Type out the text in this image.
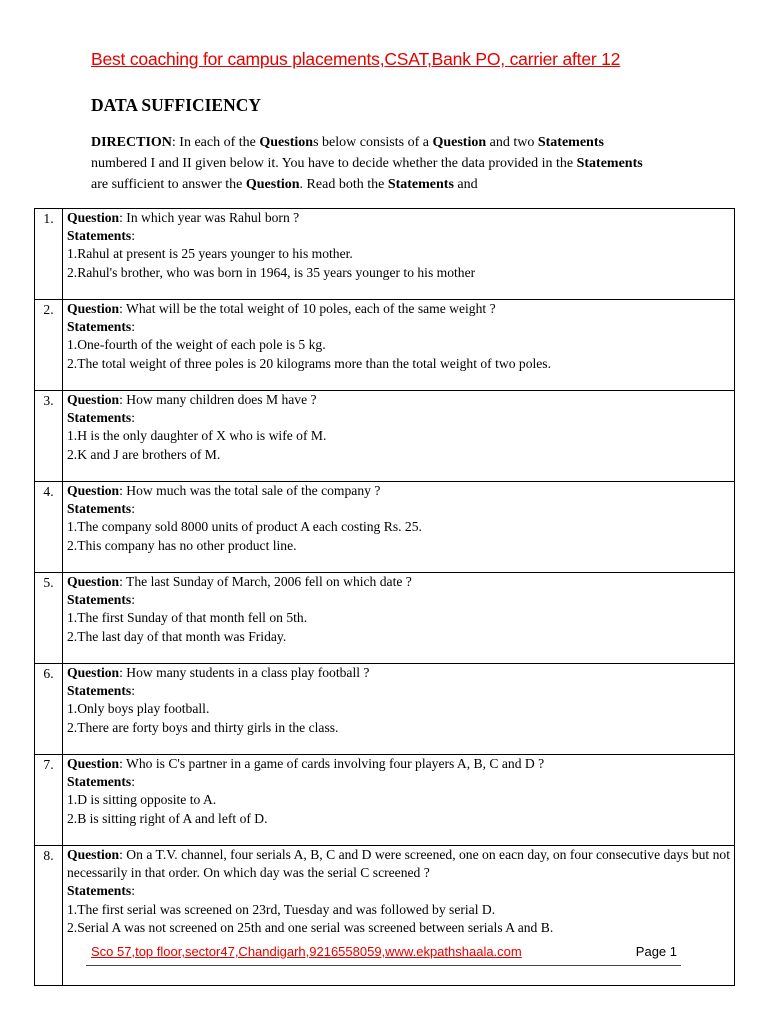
Best coaching for campus placements,CSAT,Bank PO, carrier after 12
DATA SUFFICIENCY

DIRECTION: In each of the Questions below consists of a Question and two Statements numbered I and II given below it. You have to decide whether the data provided in the Statements are sufficient to answer the Question. Read both the Statements and

1.	Question: In which year was Rahul born ?
Statements:
1.Rahul at present is 25 years younger to his mother.
2.Rahul's brother, who was born in 1964, is 35 years younger to his mother

2.	Question: What will be the total weight of 10 poles, each of the same weight ?
Statements:
1.One-fourth of the weight of each pole is 5 kg.
2.The total weight of three poles is 20 kilograms more than the total weight of two poles.

3.	Question: How many children does M have ?
Statements:
1.H is the only daughter of X who is wife of M.
2.K and J are brothers of M.

4.	Question: How much was the total sale of the company ?
Statements:
1.The company sold 8000 units of product A each costing Rs. 25.
2.This company has no other product line.

5.	Question: The last Sunday of March, 2006 fell on which date ?
Statements:
1.The first Sunday of that month fell on 5th.
2.The last day of that month was Friday.

6.	Question: How many students in a class play football ?
Statements:
1.Only boys play football.
2.There are forty boys and thirty girls in the class.

7.	Question: Who is C's partner in a game of cards involving four players A, B, C and D ?
Statements:
1.D is sitting opposite to A.
2.B is sitting right of A and left of D.

8.	Question: On a T.V. channel, four serials A, B, C and D were screened, one on eacn day, on four consecutive days but not necessarily in that order. On which day was the serial C screened ?
Statements:
1.The first serial was screened on 23rd, Tuesday and was followed by serial D.
2.Serial A was not screened on 25th and one serial was screened between serials A and B.
Sco 57,top floor,sector47,Chandigarh,9216558059,www.ekpathshaala.com	Page 1
